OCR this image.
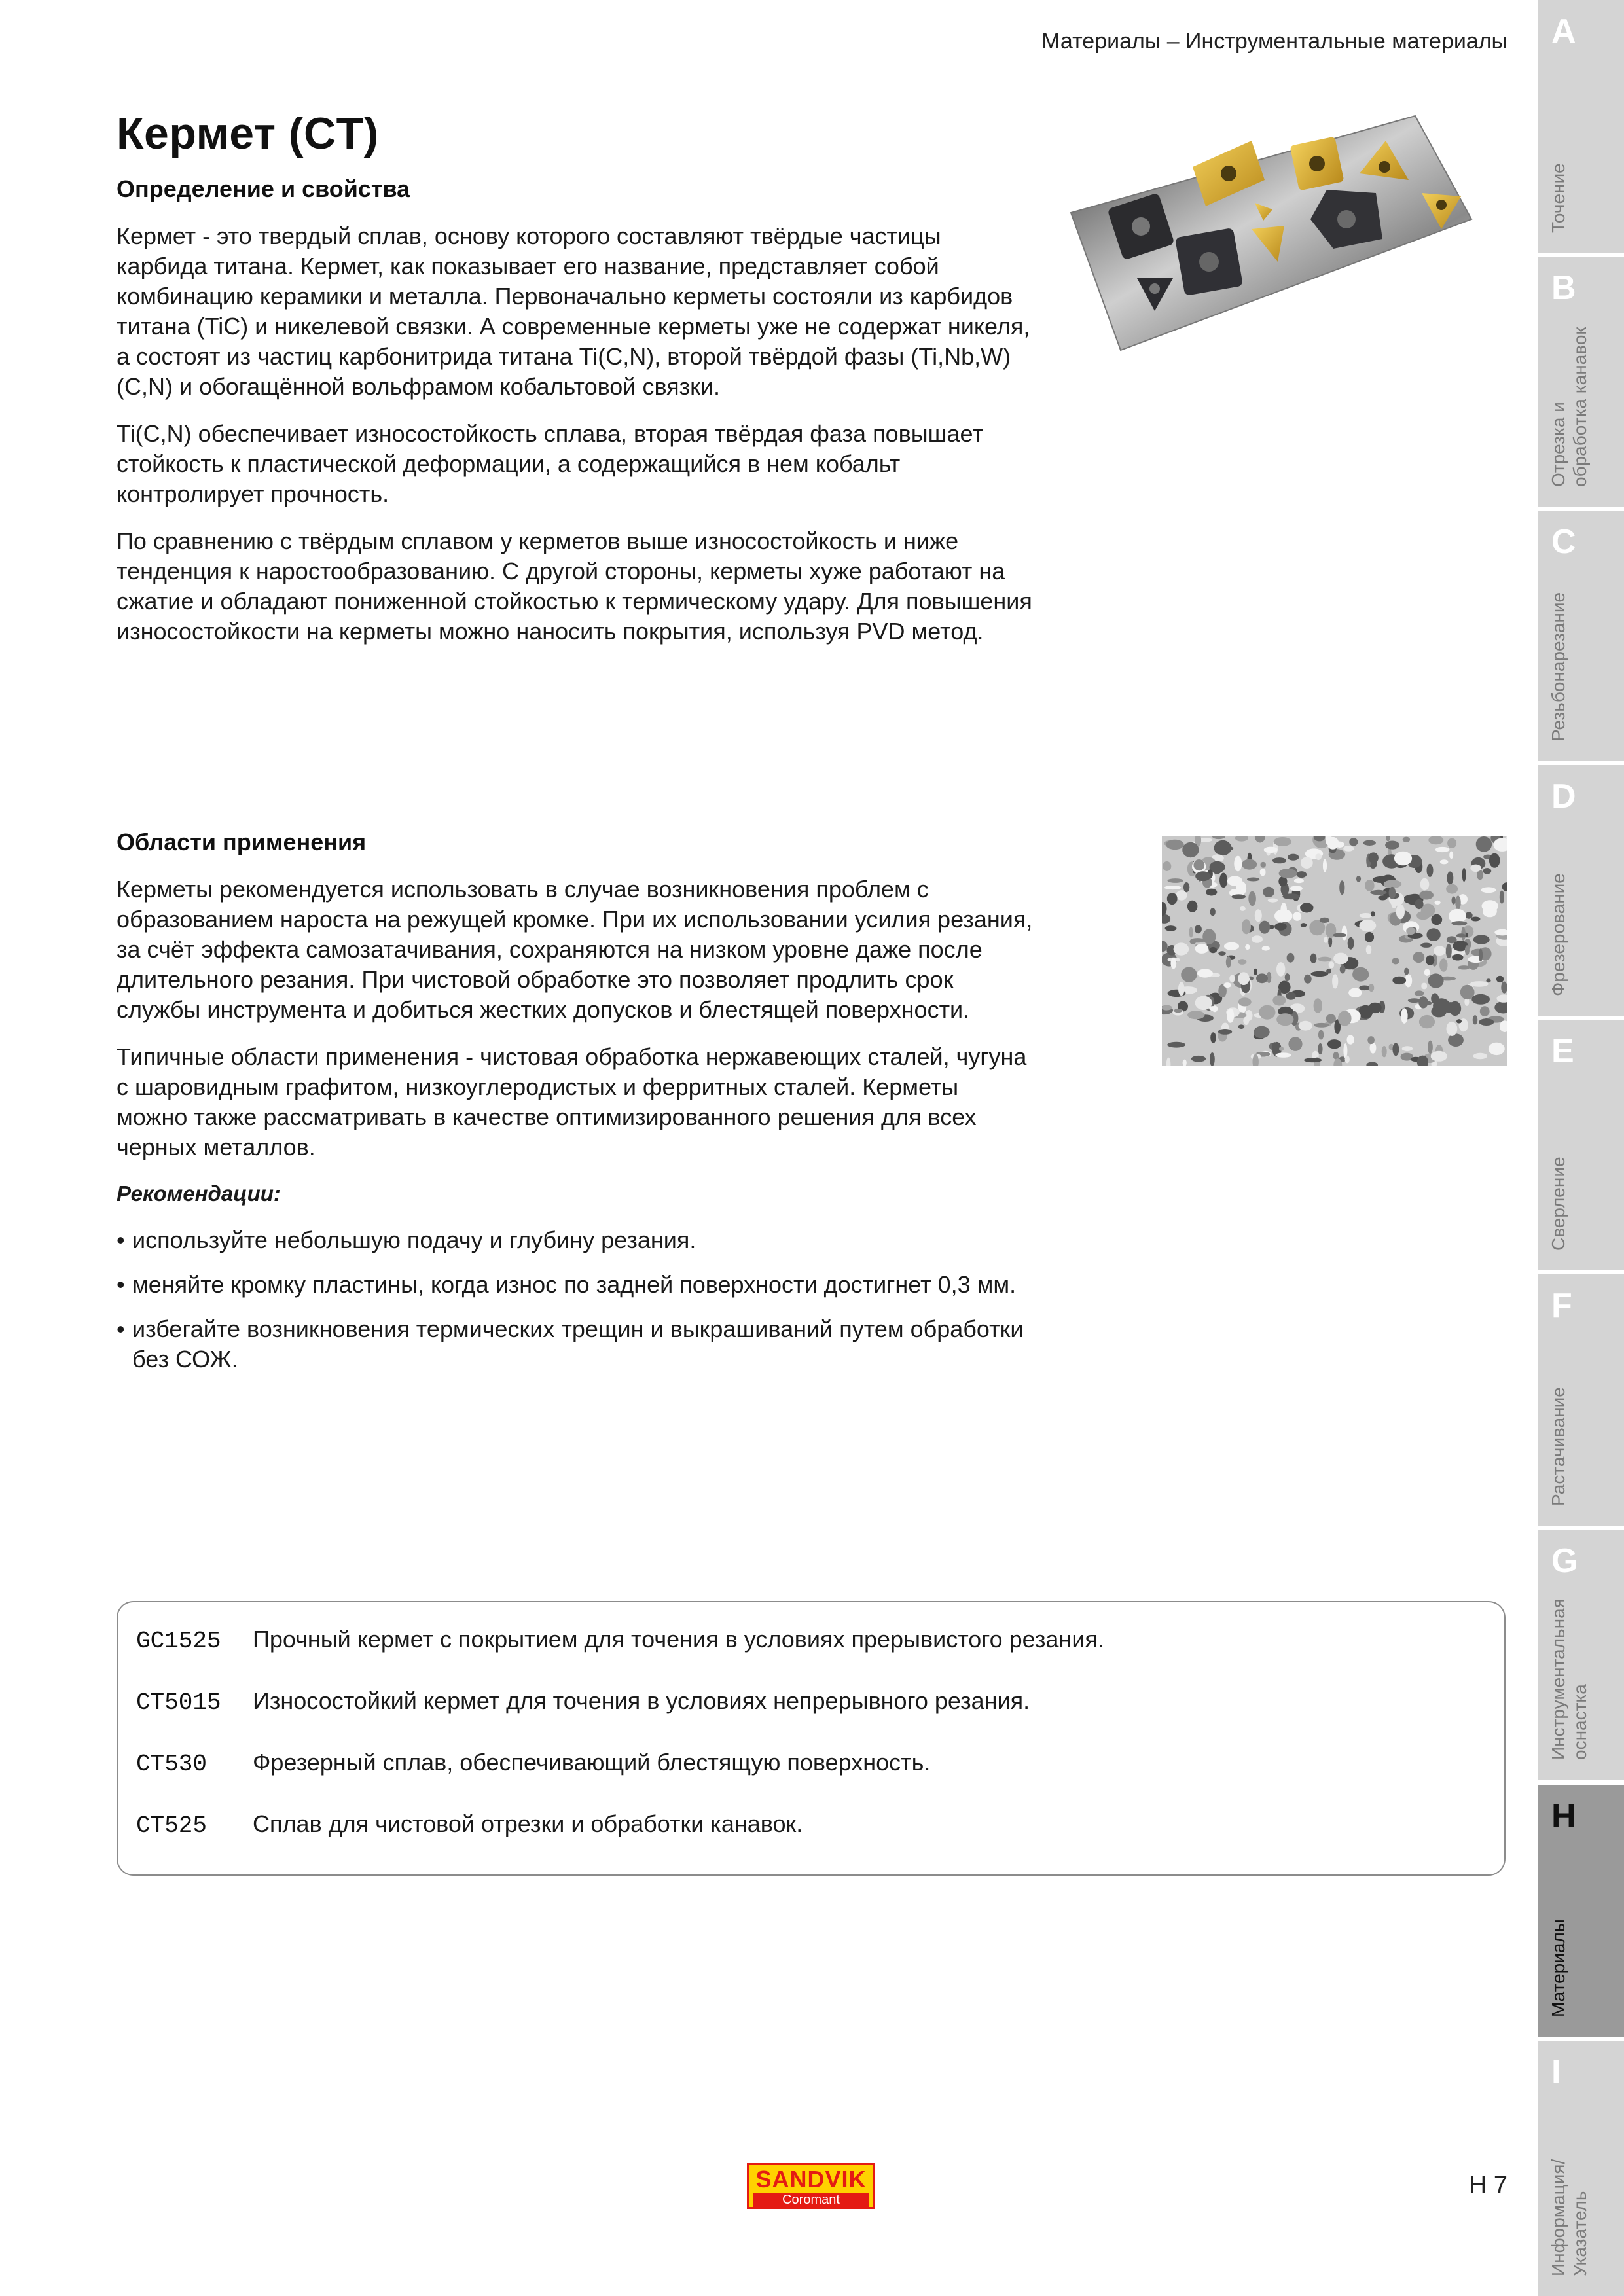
Материалы – Инструментальные материалы
Кермет (CT)
Определение и свойства

Кермет - это твердый сплав, основу которого составляют твёрдые частицы карбида титана. Кермет, как показывает его название, представляет собой комбинацию керамики и металла. Первоначально керметы состояли из карбидов титана (TiC) и никелевой связки. А современные керметы уже не содержат никеля, а состоят из частиц карбонитрида титана Ti(C,N), второй твёрдой фазы (Ti,Nb,W)(C,N) и обогащённой вольфрамом кобальтовой связки.

Ti(C,N) обеспечивает износостойкость сплава, вторая твёрдая фаза повышает стойкость к пластической деформации, а содержащийся в нем кобальт контролирует прочность.

По сравнению с твёрдым сплавом у керметов выше износостойкость и ниже тенденция к наростообразованию. С другой стороны, керметы хуже работают на сжатие и обладают пониженной стойкостью к термическому удару. Для повышения износостойкости на керметы можно наносить покрытия, используя PVD метод.

Области применения

Керметы рекомендуется использовать в случае возникновения проблем с образованием нароста на режущей кромке. При их использовании усилия резания, за счёт эффекта самозатачивания, сохраняются на низком уровне даже после длительного резания. При чистовой обработке это позволяет продлить срок службы инструмента и добиться жестких допусков и блестящей поверхности.

Типичные области применения - чистовая обработка нержавеющих сталей, чугуна с шаровидным графитом, низкоуглеродистых и ферритных сталей. Керметы можно также рассматривать в качестве оптимизированного решения для всех черных металлов.

Рекомендации:
• используйте небольшую подачу и глубину резания.
• меняйте кромку пластины, когда износ по задней поверхности достигнет 0,3 мм.
• избегайте возникновения термических трещин и выкрашиваний путем обработки без СОЖ.
GC1525	Прочный кермет с покрытием для точения в условиях прерывистого резания.
CT5015	Износостойкий кермет для точения в условиях непрерывного резания.
CT530	Фрезерный сплав, обеспечивающий блестящую поверхность.
CT525	Сплав для чистовой отрезки и обработки канавок.
A
Точение
B
Отрезка и
обработка канавок
C
Резьбонарезание
D
Фрезерование
E
Сверление
F
Растачивание
G
Инструментальная
оснастка
H
Материалы
I
Информация/
Указатель
SANDVIK
Coromant
H 7
